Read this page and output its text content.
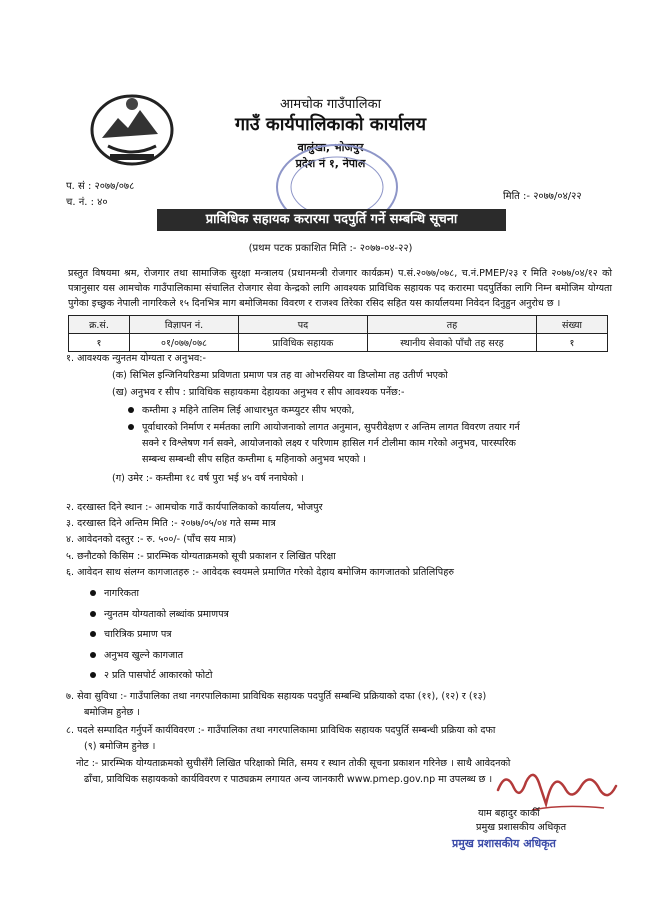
आमचोक गाउँपालिका
गाउँ कार्यपालिकाको कार्यालय
वालुंखा, भोजपुर
प्रदेश नं १, नेपाल
प. सं : २०७७/०७८
च. नं. : ४०
मिति :- २०७७/०४/२२
प्राविधिक सहायक करारमा पदपुर्ति गर्ने सम्बन्धि सूचना
(प्रथम पटक प्रकाशित मिति :- २०७७-०४-२२)
प्रस्तुत विषयमा श्रम, रोजगार तथा सामाजिक सुरक्षा मन्त्रालय (प्रधानमन्त्री रोजगार कार्यक्रम) प.सं.२०७७/०७८, च.नं.PMEP/२३ र मिति २०७७/०४/१२ को पत्रानुसार यस आमचोक गाउँपालिकामा संचालित रोजगार सेवा केन्द्रको लागि आवश्यक प्राविधिक सहायक पद करारमा पदपुर्तिका लागि निम्न बमोजिम योग्यता पुगेका इच्छुक नेपाली नागरिकले १५ दिनभित्र माग बमोजिमका विवरण र राजश्व तिरेका रसिद सहित यस कार्यालयमा निवेदन दिनुहुन अनुरोध छ ।
क्र.सं.	विज्ञापन नं.	पद	तह	संख्या
१	०१/०७७/०७८	प्राविधिक सहायक	स्थानीय सेवाको पाँचौ तह सरह	१
१. आवश्यक न्युनतम योग्यता र अनुभव:-
(क) सिभिल इन्जिनियरिङमा प्रविणता प्रमाण पत्र तह वा ओभरसियर वा डिप्लोमा तह उतीर्ण भएको
(ख) अनुभव र सीप : प्राविधिक सहायकमा देहायका अनुभव र सीप आवश्यक पर्नेछ:-
कम्तीमा ३ महिने तालिम लिई आधारभुत कम्प्युटर सीप भएको,
पूर्वाधारको निर्माण र मर्मतका लागि आयोजनाको लागत अनुमान, सुपरीवेक्षण र अन्तिम लागत विवरण तयार गर्न
सक्ने र विश्लेषण गर्न सक्ने, आयोजनाको लक्ष्य र परिणाम हासिल गर्न टोलीमा काम गरेको अनुभव, पारस्परिक
सम्बन्ध सम्बन्धी सीप सहित कम्तीमा ६ महिनाको अनुभव भएको ।
(ग) उमेर :- कम्तीमा १८ वर्ष पुरा भई ४५ वर्ष ननाघेको ।
२. दरखास्त दिने स्थान :- आमचोक गाउँ कार्यपालिकाको कार्यालय, भोजपुर
३. दरखास्त दिने अन्तिम मिति :- २०७७/०५/०४ गते सम्म मात्र
४. आवेदनको दस्तुर :- रु. ५००/- (पाँच सय मात्र)
५. छनौटको किसिम :- प्रारम्भिक योग्यताक्रमको सूची प्रकाशन र लिखित परिक्षा
६. आवेदन साथ संलग्न कागजातहरु :- आवेदक स्वयमले प्रमाणित गरेको देहाय बमोजिम कागजातको प्रतिलिपिहरु
नागरिकता
न्युनतम योग्यताको लब्धांक प्रमाणपत्र
चारित्रिक प्रमाण पत्र
अनुभव खुल्ने कागजात
२ प्रति पासपोर्ट आकारको फोटो
७. सेवा सुविधा :- गाउँपालिका तथा नगरपालिकामा प्राविधिक सहायक पदपुर्ति सम्बन्धि प्रक्रियाको दफा (११), (१२) र (१३)
बमोजिम हुनेछ ।
८. पदले सम्पादित गर्नुपर्ने कार्यविवरण :- गाउँपालिका तथा नगरपालिकामा प्राविधिक सहायक पदपुर्ति सम्बन्धी प्रक्रिया को दफा
(९) बमोजिम हुनेछ ।
नोट :- प्रारम्भिक योग्यताक्रमको सुचीसँगै लिखित परिक्षाको मिति, समय र स्थान तोकी सूचना प्रकाशन गरिनेछ । साथै आवेदनको
ढाँचा, प्राविधिक सहायकको कार्यविवरण र पाठ्यक्रम लगायत अन्य जानकारी www.pmep.gov.np मा उपलब्ध छ ।
याम बहादुर कार्की
प्रमुख प्रशासकीय अधिकृत
प्रमुख प्रशासकीय अधिकृत
